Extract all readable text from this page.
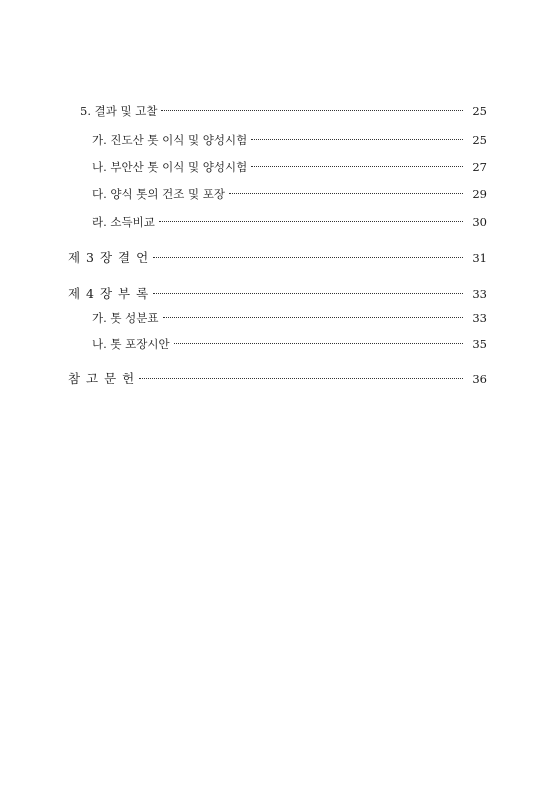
5. 결과 및 고찰	25
가. 진도산 톳 이식 및 양성시험	25
나. 부안산 톳 이식 및 양성시험	27
다. 양식 톳의 건조 및 포장	29
라. 소득비교	30
제 3 장 결 언	31
제 4 장 부 록	33
가. 톳 성분표	33
나. 톳 포장시안	35
참 고 문 헌	36
